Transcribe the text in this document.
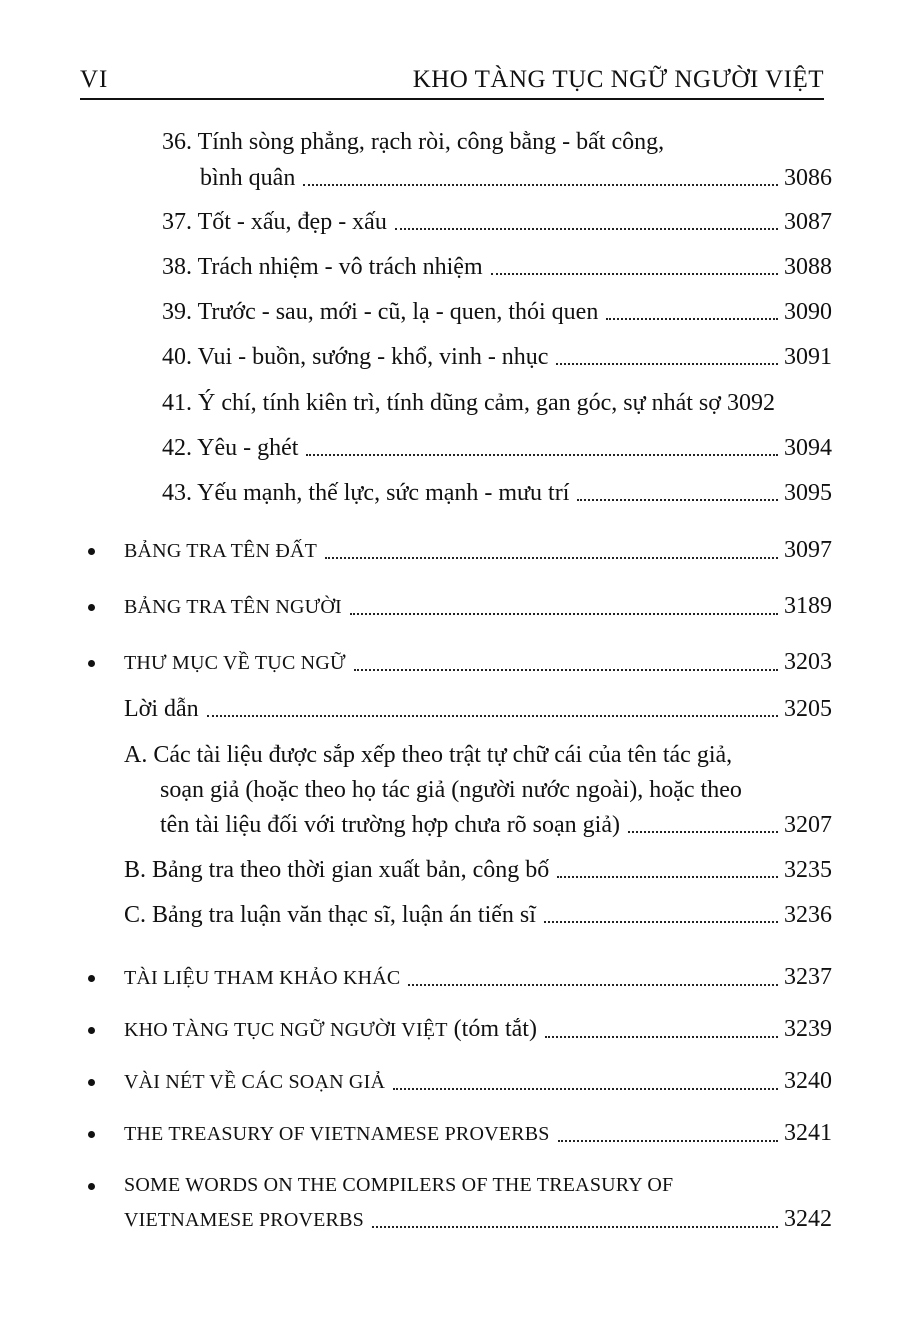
VI	KHO TÀNG TỤC NGỮ NGƯỜI VIỆT
36. Tính sòng phẳng, rạch ròi, công bằng - bất công,
bình quân	3086
37. Tốt - xấu, đẹp - xấu	3087
38. Trách nhiệm - vô trách nhiệm	3088
39. Trước - sau, mới - cũ, lạ - quen, thói quen	3090
40. Vui - buồn, sướng - khổ, vinh - nhục	3091
41. Ý chí, tính kiên trì, tính dũng cảm, gan góc, sự nhát sợ 3092
42. Yêu - ghét	3094
43. Yếu mạnh, thế lực, sức mạnh - mưu trí	3095
BẢNG TRA TÊN ĐẤT	3097
BẢNG TRA TÊN NGƯỜI	3189
THƯ MỤC VỀ TỤC NGỮ	3203
Lời dẫn	3205
A. Các tài liệu được sắp xếp theo trật tự chữ cái của tên tác giả,
soạn giả (hoặc theo họ tác giả (người nước ngoài), hoặc theo
tên tài liệu đối với trường hợp chưa rõ soạn giả)	3207
B. Bảng tra theo thời gian xuất bản, công bố	3235
C. Bảng tra luận văn thạc sĩ, luận án tiến sĩ	3236
TÀI LIỆU THAM KHẢO KHÁC	3237
KHO TÀNG TỤC NGỮ NGƯỜI VIỆT (tóm tắt)	3239
VÀI NÉT VỀ CÁC SOẠN GIẢ	3240
THE TREASURY OF VIETNAMESE PROVERBS	3241
SOME WORDS ON THE COMPILERS OF THE TREASURY OF
VIETNAMESE PROVERBS	3242
